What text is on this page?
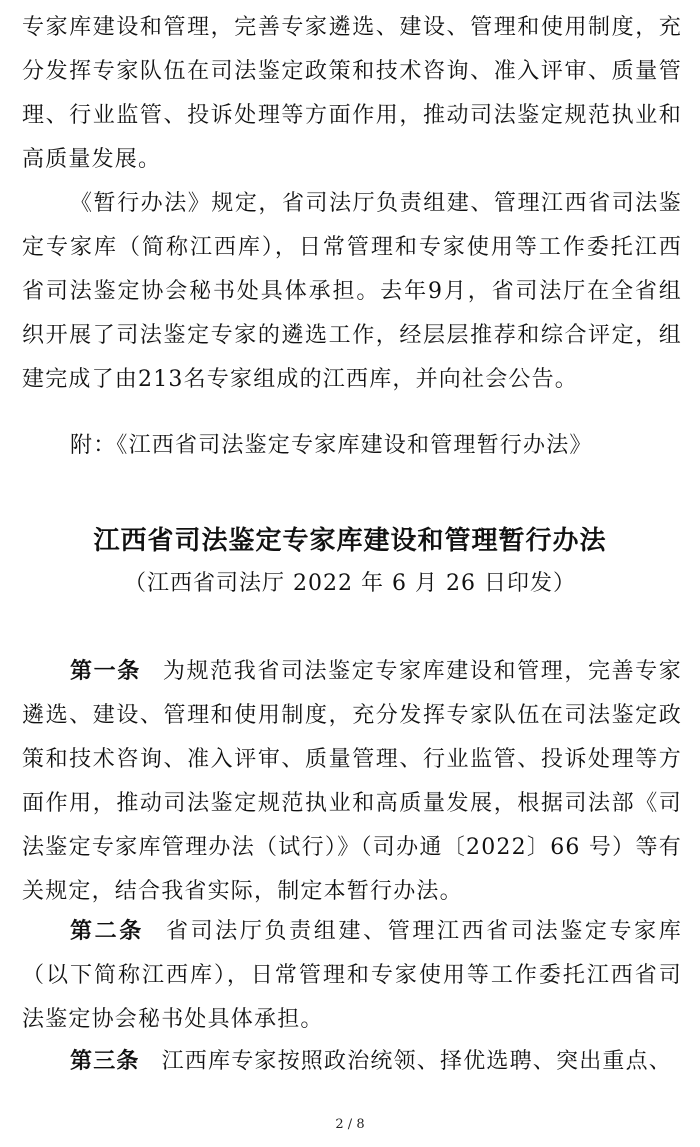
专家库建设和管理，完善专家遴选、建设、管理和使用制度，充分发挥专家队伍在司法鉴定政策和技术咨询、准入评审、质量管理、行业监管、投诉处理等方面作用，推动司法鉴定规范执业和高质量发展。

《暂行办法》规定，省司法厅负责组建、管理江西省司法鉴定专家库（简称江西库），日常管理和专家使用等工作委托江西省司法鉴定协会秘书处具体承担。去年9月，省司法厅在全省组织开展了司法鉴定专家的遴选工作，经层层推荐和综合评定，组建完成了由213名专家组成的江西库，并向社会公告。

附：《江西省司法鉴定专家库建设和管理暂行办法》

江西省司法鉴定专家库建设和管理暂行办法

（江西省司法厅 2022 年 6 月 26 日印发）

第一条 为规范我省司法鉴定专家库建设和管理，完善专家遴选、建设、管理和使用制度，充分发挥专家队伍在司法鉴定政策和技术咨询、准入评审、质量管理、行业监管、投诉处理等方面作用，推动司法鉴定规范执业和高质量发展，根据司法部《司法鉴定专家库管理办法（试行）》（司办通〔2022〕66 号）等有关规定，结合我省实际，制定本暂行办法。

第二条 省司法厅负责组建、管理江西省司法鉴定专家库（以下简称江西库），日常管理和专家使用等工作委托江西省司法鉴定协会秘书处具体承担。

第三条 江西库专家按照政治统领、择优选聘、突出重点、

2 / 8
